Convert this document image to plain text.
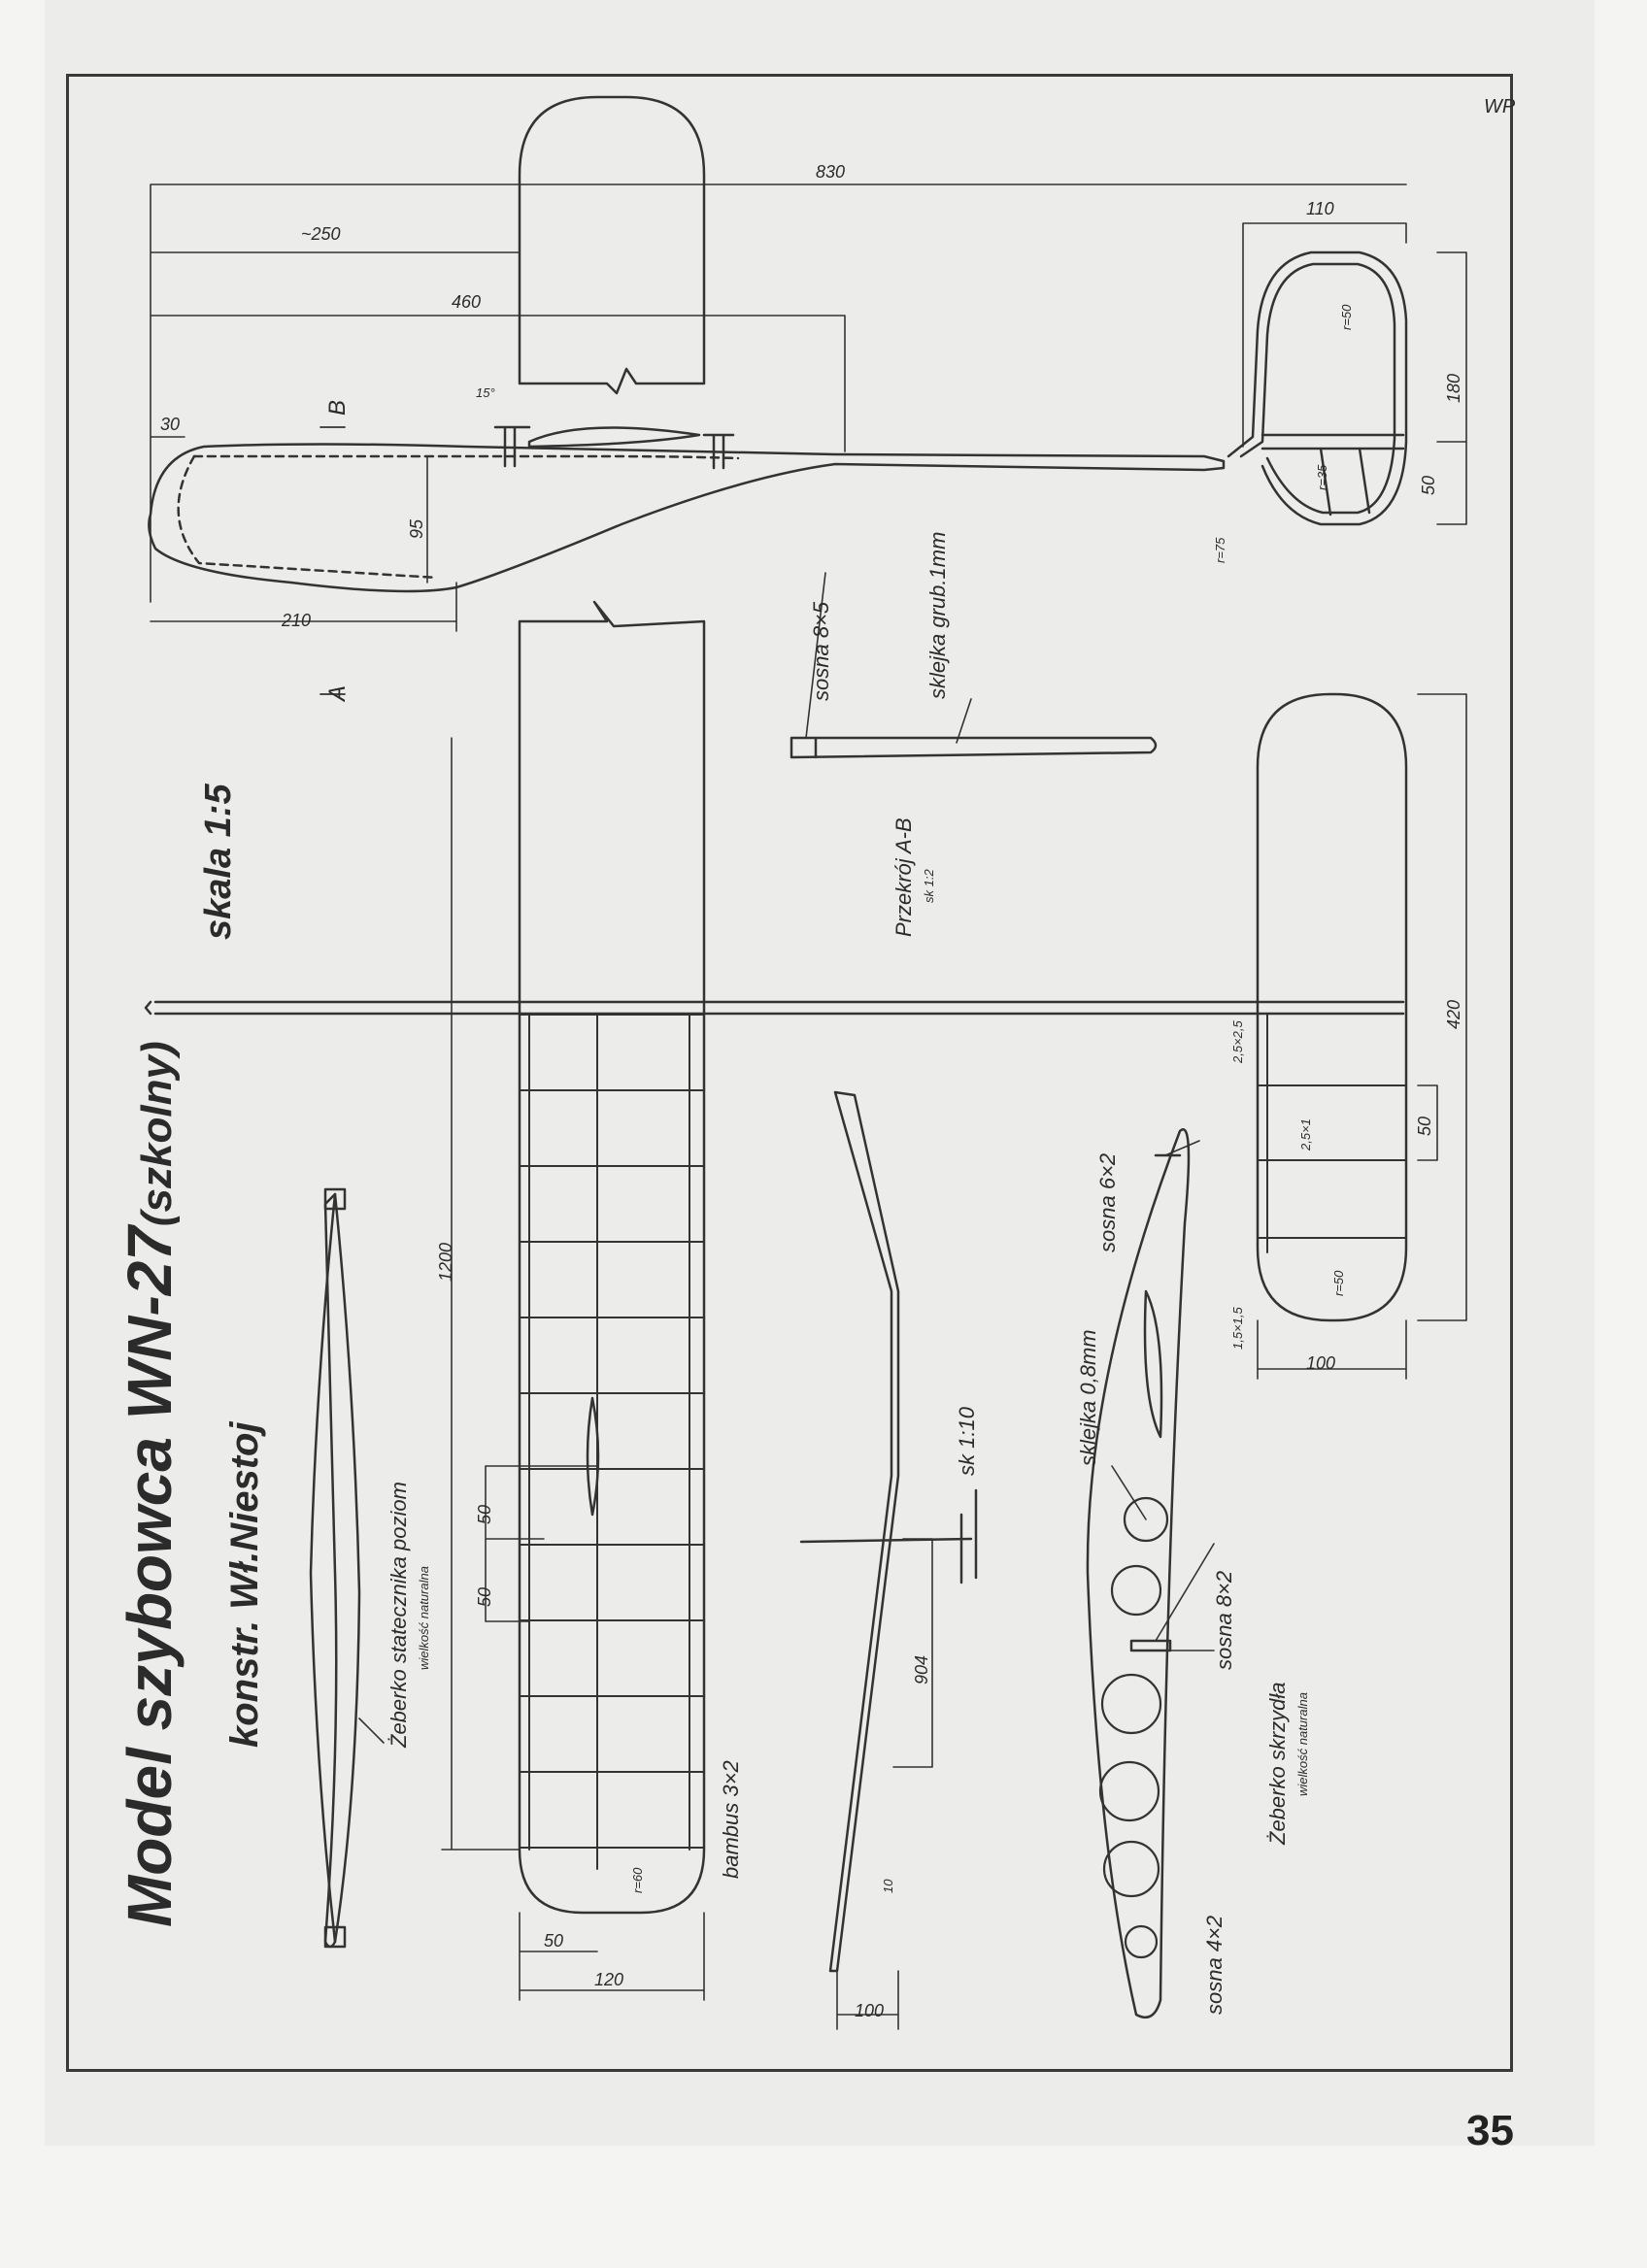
Model szybowca WN-27(szkolny)
konstr. Wł.Niestoj
skala 1:5
WP
35
830
~250
460
30
95
210
15°
110
180
50
r=50
r=75
r=35
B
A	sosna 8×5	sklejka grub.1mm
Przekrój A-B sk 1:2
1200
50
50
50
120
r=60
bambus 3×2
420
50
100
2,5×2,5
2,5×1
1,5×1,5
r=50
sk 1:10
904
10
100
sklejka 0,8mm
sosna 6×2
sosna 8×2
sosna 4×2
Żeberko skrzydła wielkość naturalna
Żeberko statecznika poziom wielkość naturalna
